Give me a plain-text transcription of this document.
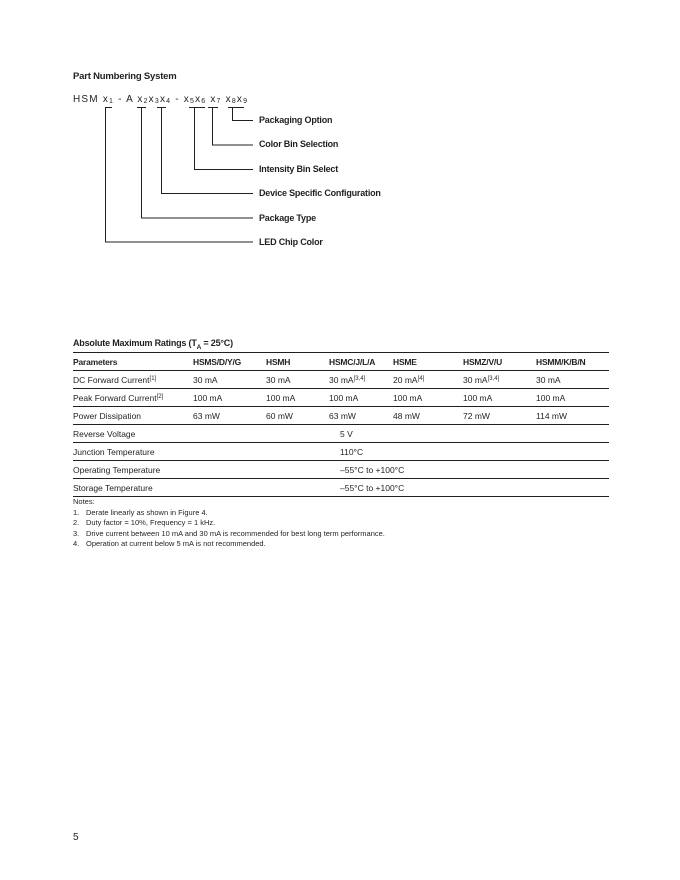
Part Numbering System
HSM $x_1$ - A $x_2x_3x_4 - x_5x_6$ $x_7$ $x_8x_9$
Packaging Option
Color Bin Selection
Intensity Bin Select
Device Specific Configuration
Package Type
LED Chip Color
Absolute Maximum Ratings $(T_A = 25^\circ C)$
Parameters	HSMS/D/Y/G	HSMH	HSMC/J/L/A	HSME	HSMZ/V/U	HSMM/K/B/N
DC Forward Current[1]	30 mA	30 mA	30 mA[3,4]	20 mA[4]	30 mA[3,4]	30 mA
Peak Forward Current[2]	100 mA	100 mA	100 mA	100 mA	100 mA	100 mA
Power Dissipation	63 mW	60 mW	63 mW	48 mW	72 mW	114 mW
Reverse Voltage			5 V			
Junction Temperature			110°C			
Operating Temperature			–55°C to +100°C			
Storage Temperature			–55°C to +100°C			
Notes:
1. Derate linearly as shown in Figure 4.
2. Duty factor = 10%, Frequency = 1 kHz.
3. Drive current between 10 mA and 30 mA is recommended for best long term performance.
4. Operation at current below 5 mA is not recommended.
5
